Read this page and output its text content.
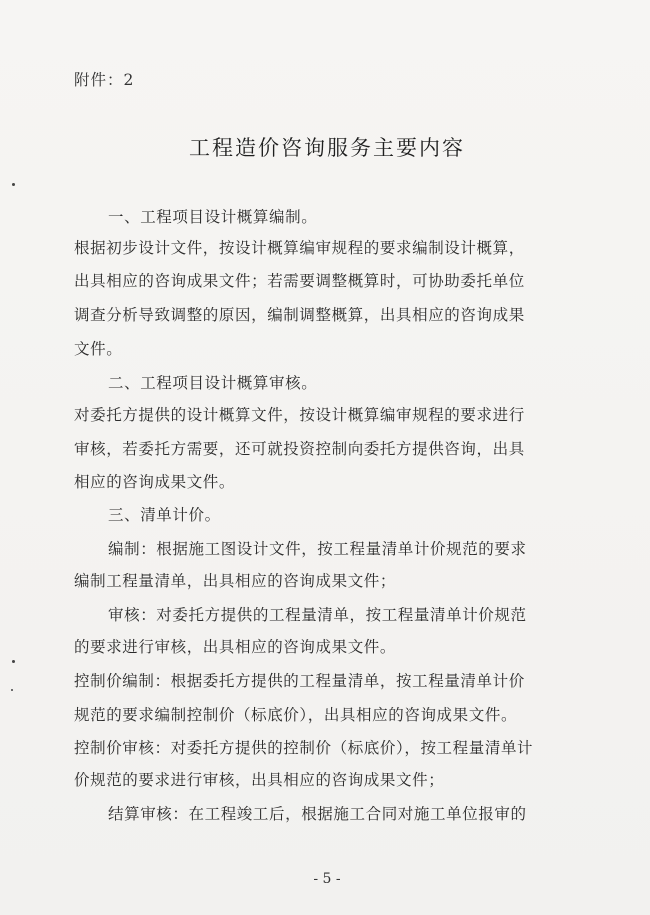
附件：2
工程造价咨询服务主要内容
一、工程项目设计概算编制。
根据初步设计文件，按设计概算编审规程的要求编制设计概算，
出具相应的咨询成果文件；若需要调整概算时，可协助委托单位
调查分析导致调整的原因，编制调整概算，出具相应的咨询成果
文件。
二、工程项目设计概算审核。
对委托方提供的设计概算文件，按设计概算编审规程的要求进行
审核，若委托方需要，还可就投资控制向委托方提供咨询，出具
相应的咨询成果文件。
三、清单计价。
编制：根据施工图设计文件，按工程量清单计价规范的要求
编制工程量清单，出具相应的咨询成果文件；
审核：对委托方提供的工程量清单，按工程量清单计价规范
的要求进行审核，出具相应的咨询成果文件。
控制价编制：根据委托方提供的工程量清单，按工程量清单计价
规范的要求编制控制价（标底价），出具相应的咨询成果文件。
控制价审核：对委托方提供的控制价（标底价），按工程量清单计
价规范的要求进行审核，出具相应的咨询成果文件；
结算审核：在工程竣工后，根据施工合同对施工单位报审的
- 5 -
